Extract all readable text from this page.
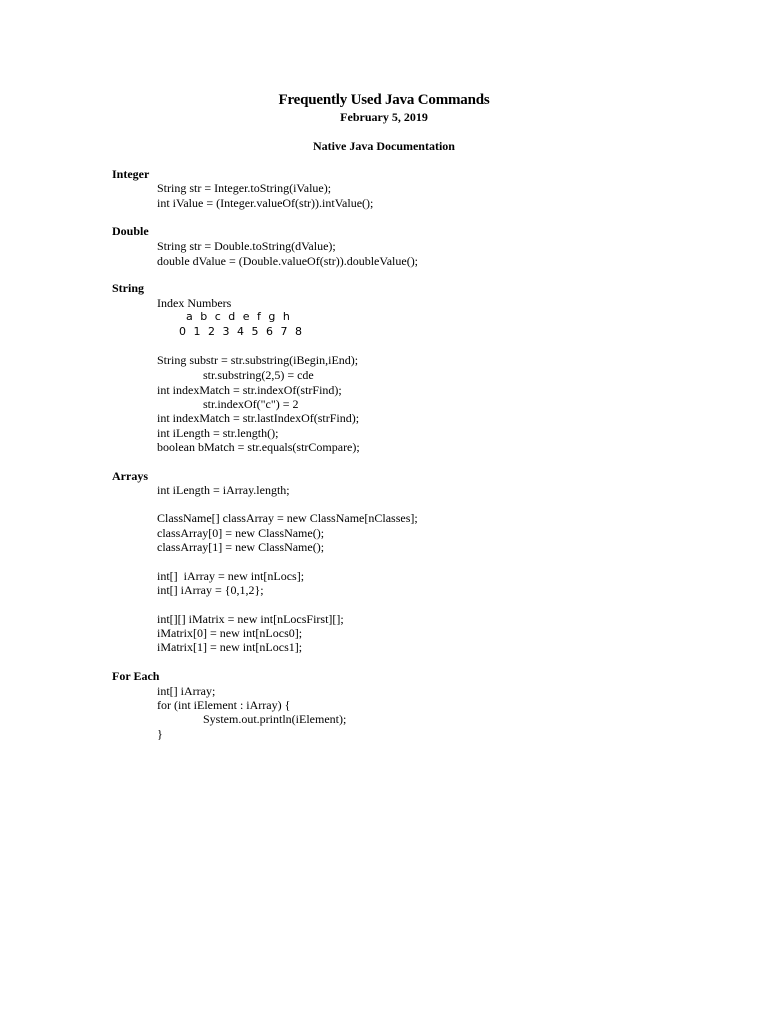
Frequently Used Java Commands
February 5, 2019
Native Java Documentation
Integer
String str = Integer.toString(iValue);
int iValue = (Integer.valueOf(str)).intValue();
Double
String str = Double.toString(dValue);
double dValue = (Double.valueOf(str)).doubleValue();
String
Index Numbers
a b c d e f g h
0 1 2 3 4 5 6 7 8
String substr = str.substring(iBegin,iEnd);
str.substring(2,5) = cde
int indexMatch = str.indexOf(strFind);
str.indexOf("c") = 2
int indexMatch = str.lastIndexOf(strFind);
int iLength = str.length();
boolean bMatch = str.equals(strCompare);
Arrays
int iLength = iArray.length;
ClassName[] classArray = new ClassName[nClasses];
classArray[0] = new ClassName();
classArray[1] = new ClassName();
int[]  iArray = new int[nLocs];
int[] iArray = {0,1,2};
int[][] iMatrix = new int[nLocsFirst][];
iMatrix[0] = new int[nLocs0];
iMatrix[1] = new int[nLocs1];
For Each
int[] iArray;
for (int iElement : iArray) {
System.out.println(iElement);
}
